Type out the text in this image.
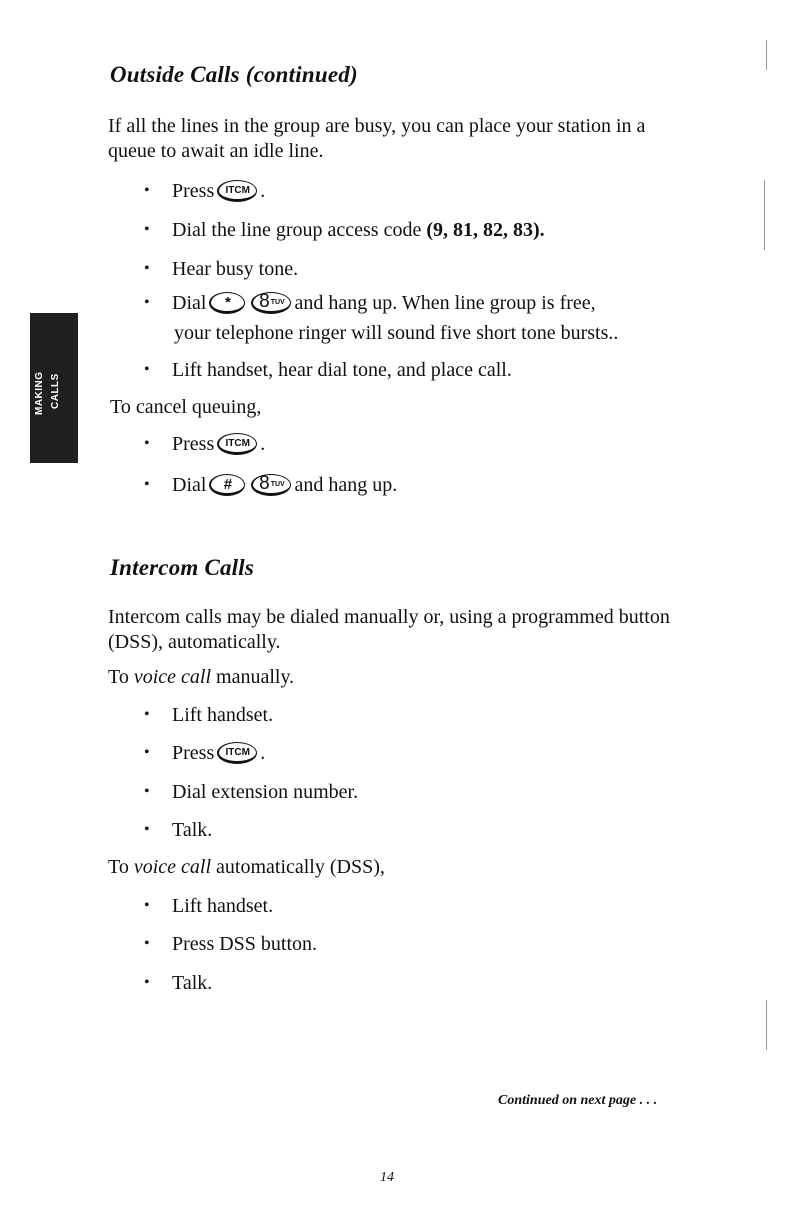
MAKING CALLS
Outside Calls (continued)
If all the lines in the group are busy, you can place your station in a queue to await an idle line.
•	Press	ITCM .
•	Dial the line group access code
(9, 81, 82, 83).
•	Hear busy tone.
•	Dial	*	8 TUV and hang up. When line group is free,
your telephone ringer will sound five short tone bursts..
•	Lift handset, hear dial tone, and place call.
To cancel queuing,
•	Press	ITCM .
•	Dial	#	8 TUV and hang up.
Intercom Calls
Intercom calls may be dialed manually or, using a programmed button (DSS), automatically.
To voice call manually.
•	Lift handset.
•	Press	ITCM .
•	Dial extension number.
•	Talk.
To voice call automatically (DSS),
•	Lift handset.
•	Press DSS button.
•	Talk.
Continued on next page . . .
14
